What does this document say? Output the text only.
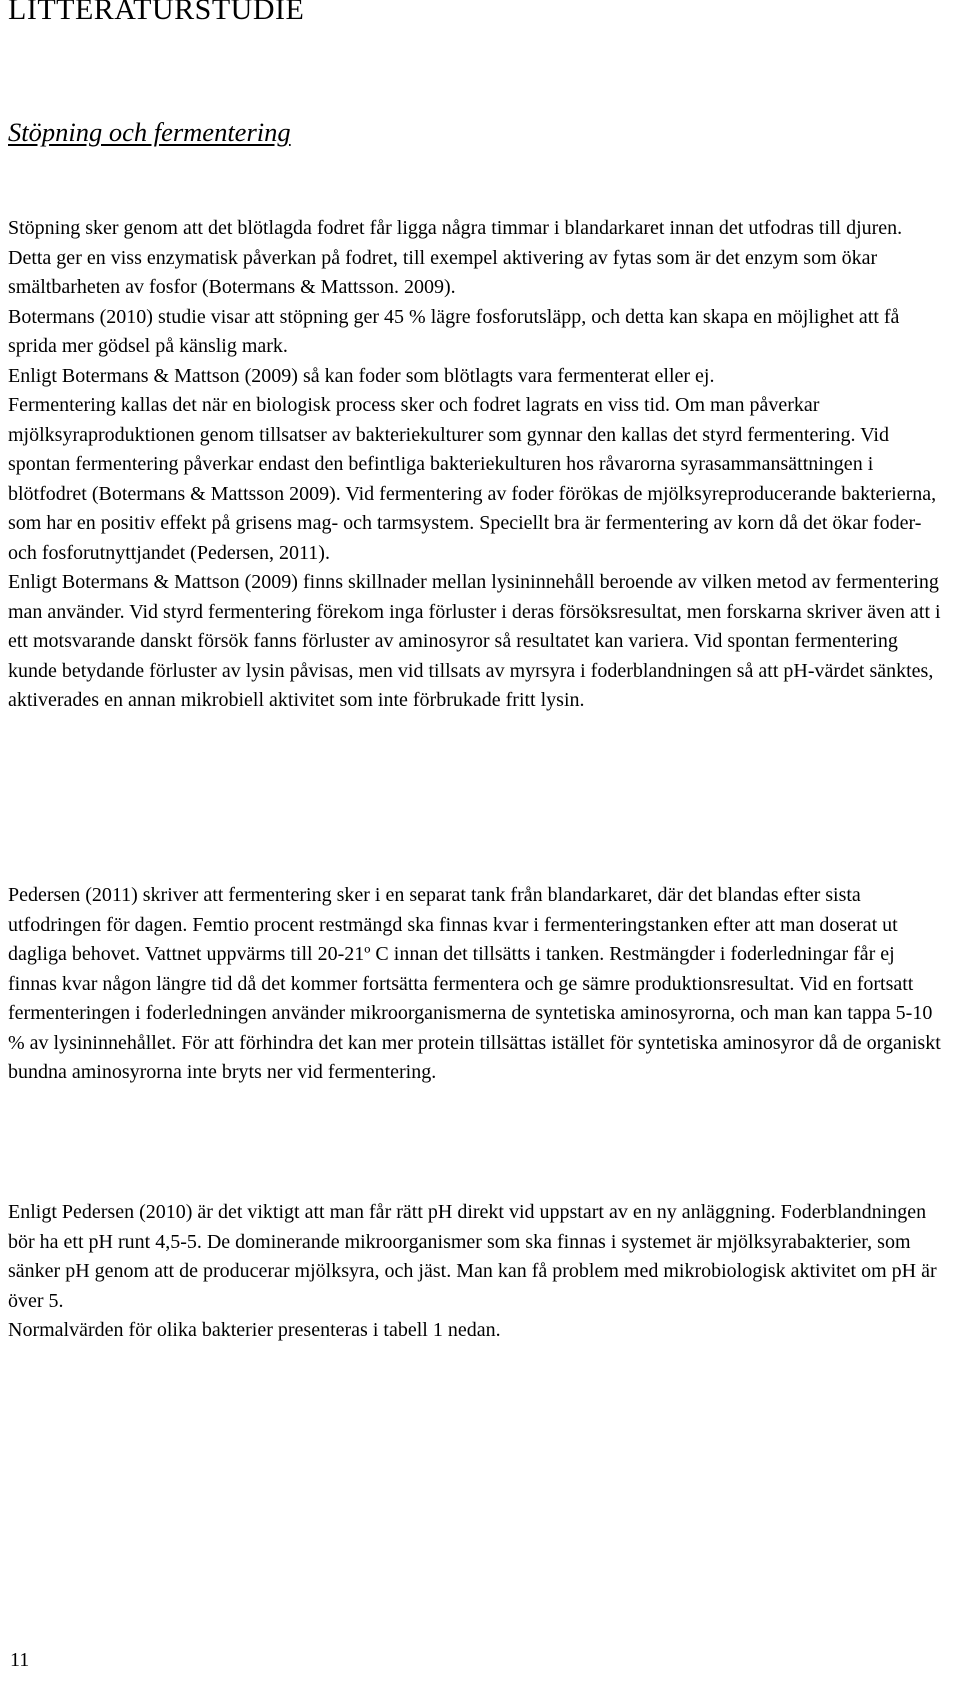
LITTERATURSTUDIE
Stöpning och fermentering

Stöpning sker genom att det blötlagda fodret får ligga några timmar i blandarkaret innan det utfodras till djuren.
Detta ger en viss enzymatisk påverkan på fodret, till exempel aktivering av fytas som är det enzym som ökar smältbarheten av fosfor (Botermans & Mattsson. 2009).
Botermans (2010) studie visar att stöpning ger 45 % lägre fosforutsläpp, och detta kan skapa en möjlighet att få sprida mer gödsel på känslig mark.
Enligt Botermans & Mattson (2009) så kan foder som blötlagts vara fermenterat eller ej.
Fermentering kallas det när en biologisk process sker och fodret lagrats en viss tid. Om man påverkar mjölksyraproduktionen genom tillsatser av bakteriekulturer som gynnar den kallas det styrd fermentering. Vid spontan fermentering påverkar endast den befintliga bakteriekulturen hos råvarorna syrasammansättningen i blötfodret (Botermans & Mattsson 2009). Vid fermentering av foder förökas de mjölksyreproducerande bakterierna, som har en positiv effekt på grisens mag- och tarmsystem. Speciellt bra är fermentering av korn då det ökar foder- och fosforutnyttjandet (Pedersen, 2011).
Enligt Botermans & Mattson (2009) finns skillnader mellan lysininnehåll beroende av vilken metod av fermentering man använder. Vid styrd fermentering förekom inga förluster i deras försöksresultat, men forskarna skriver även att i ett motsvarande danskt försök fanns förluster av aminosyror så resultatet kan variera. Vid spontan fermentering kunde betydande förluster av lysin påvisas, men vid tillsats av myrsyra i foderblandningen så att pH-värdet sänktes, aktiverades en annan mikrobiell aktivitet som inte förbrukade fritt lysin.

Pedersen (2011) skriver att fermentering sker i en separat tank från blandarkaret, där det blandas efter sista utfodringen för dagen. Femtio procent restmängd ska finnas kvar i fermenteringstanken efter att man doserat ut dagliga behovet. Vattnet uppvärms till 20-21º C innan det tillsätts i tanken. Restmängder i foderledningar får ej finnas kvar någon längre tid då det kommer fortsätta fermentera och ge sämre produktionsresultat. Vid en fortsatt fermenteringen i foderledningen använder mikroorganismerna de syntetiska aminosyrorna, och man kan tappa 5-10 % av lysininnehållet. För att förhindra det kan mer protein tillsättas istället för syntetiska aminosyror då de organiskt bundna aminosyrorna inte bryts ner vid fermentering.

Enligt Pedersen (2010) är det viktigt att man får rätt pH direkt vid uppstart av en ny anläggning. Foderblandningen bör ha ett pH runt 4,5-5. De dominerande mikroorganismer som ska finnas i systemet är mjölksyrabakterier, som sänker pH genom att de producerar mjölksyra, och jäst. Man kan få problem med mikrobiologisk aktivitet om pH är över 5.
Normalvärden för olika bakterier presenteras i tabell 1 nedan.

11
